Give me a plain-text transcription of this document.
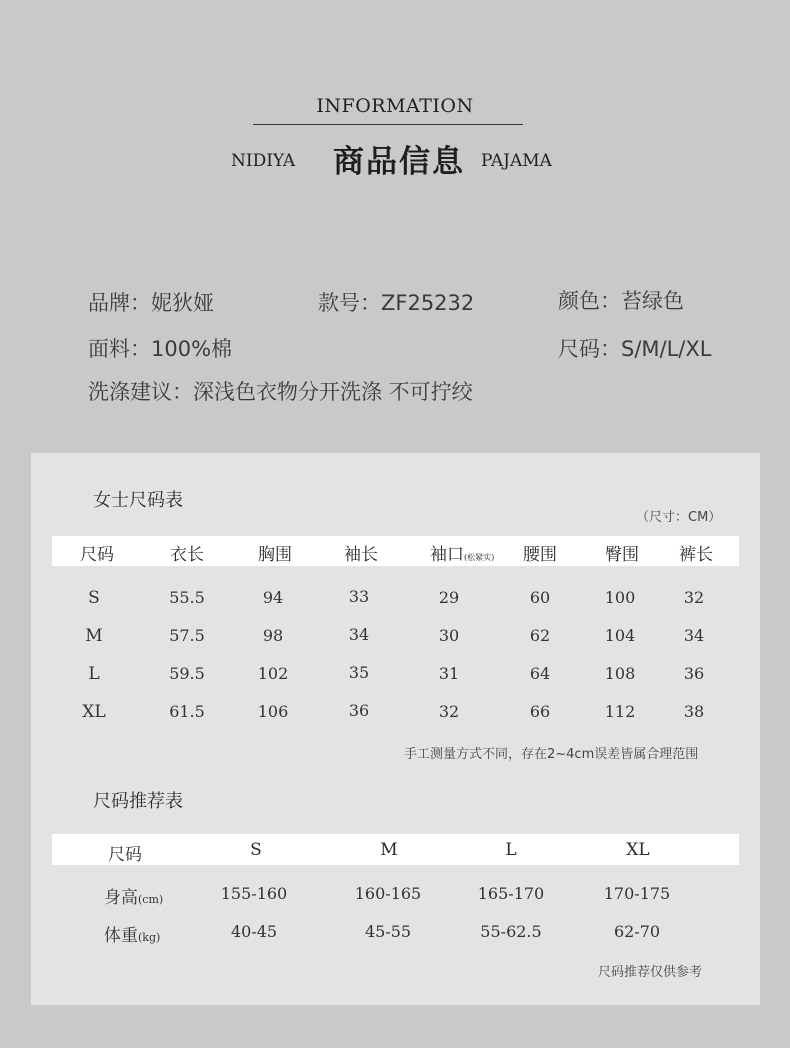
INFORMATION
NIDIYA 商品信息 PAJAMA
品牌：妮狄娅	款号：ZF25232	颜色：苔绿色
面料：100%棉	尺码：S/M/L/XL
洗涤建议：深浅色衣物分开洗涤 不可拧绞
女士尺码表
（尺寸：CM）
尺码	衣长	胸围	袖长	袖口(松紧实)	腰围	臀围	裤长
S	55.5	94	33	29	60	100	32
M	57.5	98	34	30	62	104	34
L	59.5	102	35	31	64	108	36
XL	61.5	106	36	32	66	112	38
手工测量方式不同，存在2~4cm误差皆属合理范围
尺码推荐表
尺码	S	M	L	XL
身高(cm)	155-160	160-165	165-170	170-175
体重(kg)	40-45	45-55	55-62.5	62-70
尺码推荐仅供参考
